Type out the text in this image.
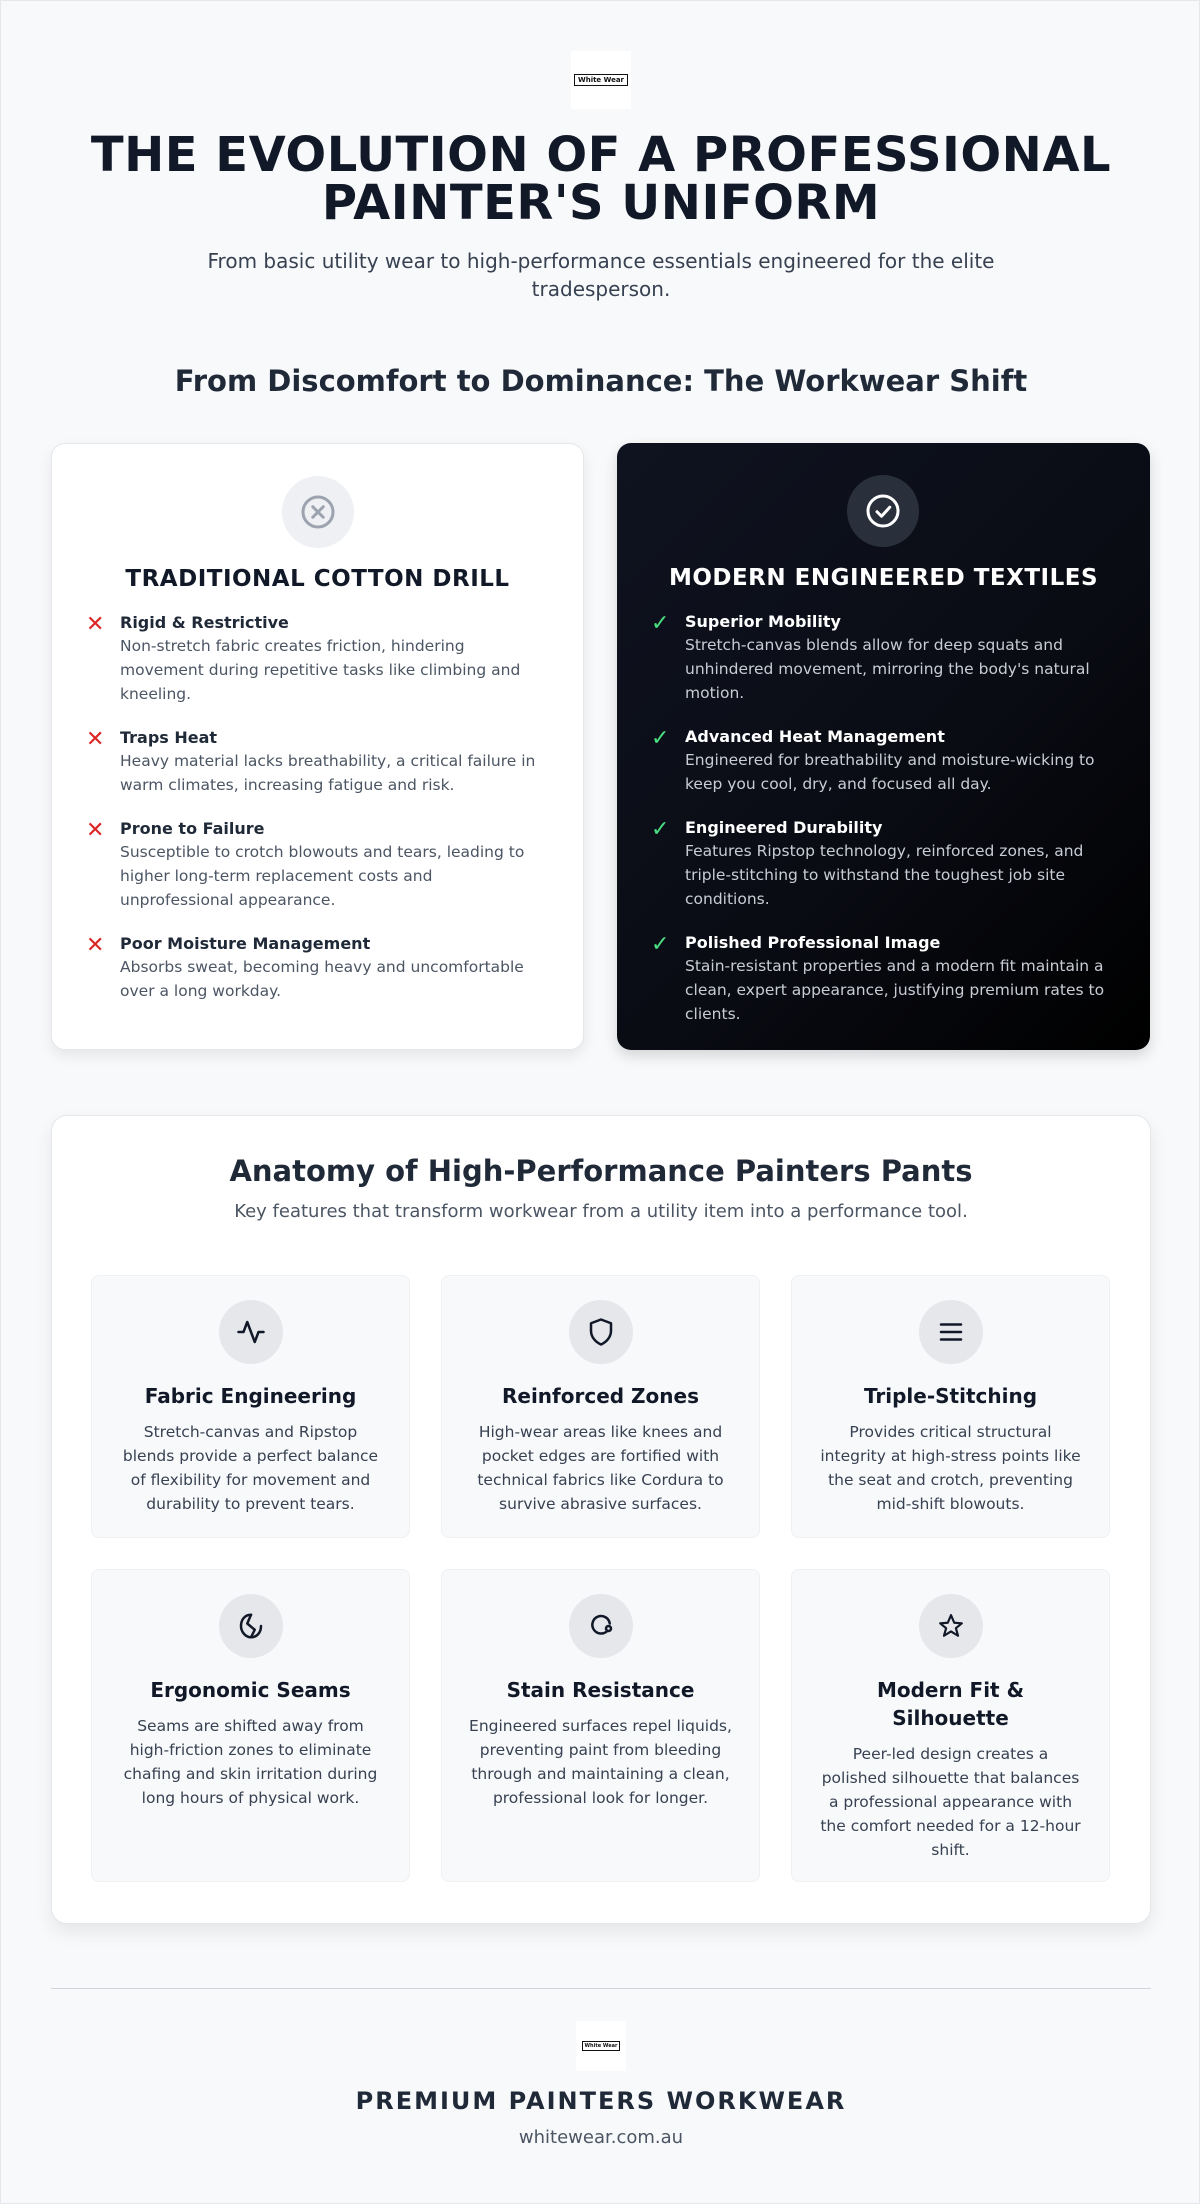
White Wear
THE EVOLUTION OF A PROFESSIONAL PAINTER'S UNIFORM

From basic utility wear to high-performance essentials engineered for the elite tradesperson.

From Discomfort to Dominance: The Workwear Shift
TRADITIONAL COTTON DRILL
✕ Rigid & Restrictive
Non-stretch fabric creates friction, hindering movement during repetitive tasks like climbing and kneeling.
✕ Traps Heat
Heavy material lacks breathability, a critical failure in warm climates, increasing fatigue and risk.
✕ Prone to Failure
Susceptible to crotch blowouts and tears, leading to higher long-term replacement costs and unprofessional appearance.
✕ Poor Moisture Management
Absorbs sweat, becoming heavy and uncomfortable over a long workday.
MODERN ENGINEERED TEXTILES
✓ Superior Mobility
Stretch-canvas blends allow for deep squats and unhindered movement, mirroring the body's natural motion.
✓ Advanced Heat Management
Engineered for breathability and moisture-wicking to keep you cool, dry, and focused all day.
✓ Engineered Durability
Features Ripstop technology, reinforced zones, and triple-stitching to withstand the toughest job site conditions.
✓ Polished Professional Image
Stain-resistant properties and a modern fit maintain a clean, expert appearance, justifying premium rates to clients.
Anatomy of High-Performance Painters Pants

Key features that transform workwear from a utility item into a performance tool.

Fabric Engineering
Stretch-canvas and Ripstop blends provide a perfect balance of flexibility for movement and durability to prevent tears.
Reinforced Zones
High-wear areas like knees and pocket edges are fortified with technical fabrics like Cordura to survive abrasive surfaces.
Triple-Stitching
Provides critical structural integrity at high-stress points like the seat and crotch, preventing mid-shift blowouts.
Ergonomic Seams
Seams are shifted away from high-friction zones to eliminate chafing and skin irritation during long hours of physical work.
Stain Resistance
Engineered surfaces repel liquids, preventing paint from bleeding through and maintaining a clean, professional look for longer.
Modern Fit & Silhouette
Peer-led design creates a polished silhouette that balances a professional appearance with the comfort needed for a 12-hour shift.
White Wear
PREMIUM PAINTERS WORKWEAR
whitewear.com.au
